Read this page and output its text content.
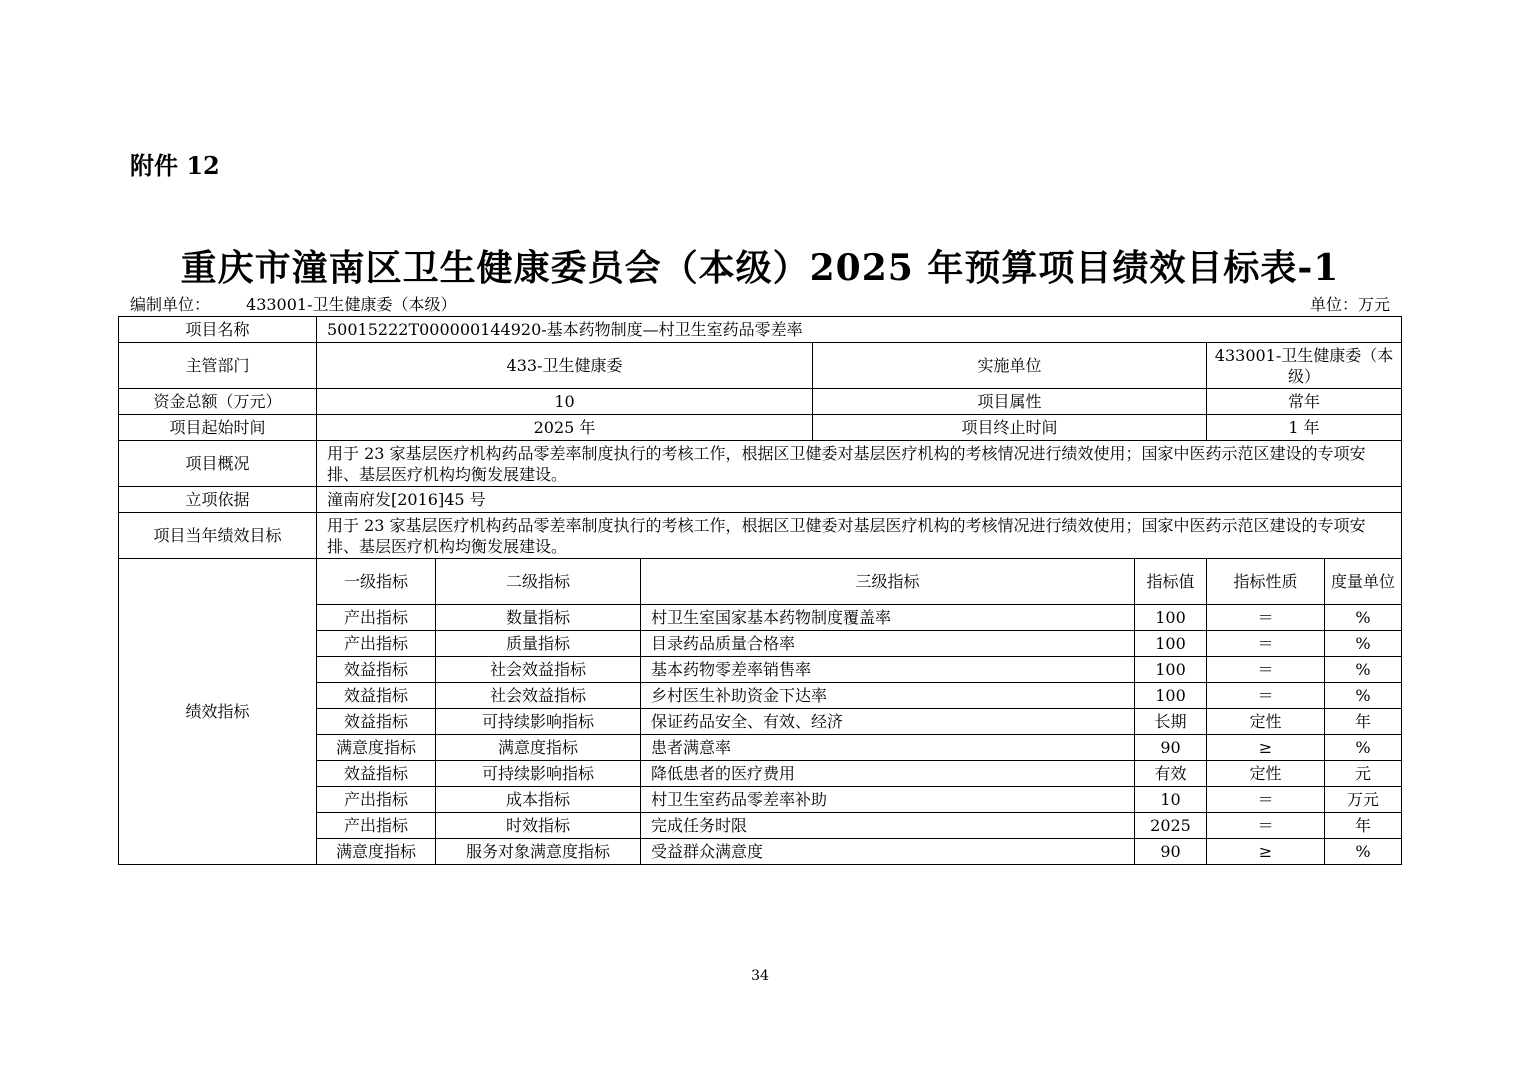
附件 12
重庆市潼南区卫生健康委员会（本级）2025 年预算项目绩效目标表-1
编制单位： 433001-卫生健康委（本级）	单位：万元
项目名称	50015222T000000144920-基本药物制度—村卫生室药品零差率						
主管部门	433-卫生健康委			实施单位		433001-卫生健康委（本级）	
资金总额（万元）	10			项目属性		常年	
项目起始时间	2025 年			项目终止时间		1 年	
项目概况	用于 23 家基层医疗机构药品零差率制度执行的考核工作，根据区卫健委对基层医疗机构的考核情况进行绩效使用；国家中医药示范区建设的专项安排、基层医疗机构均衡发展建设。						
立项依据	潼南府发[2016]45 号						
项目当年绩效目标	用于 23 家基层医疗机构药品零差率制度执行的考核工作，根据区卫健委对基层医疗机构的考核情况进行绩效使用；国家中医药示范区建设的专项安排、基层医疗机构均衡发展建设。						
绩效指标	一级指标	二级指标	三级指标		指标值	指标性质	度量单位
	产出指标	数量指标	村卫生室国家基本药物制度覆盖率		100	＝	%
	产出指标	质量指标	目录药品质量合格率		100	＝	%
	效益指标	社会效益指标	基本药物零差率销售率		100	＝	%
	效益指标	社会效益指标	乡村医生补助资金下达率		100	＝	%
	效益指标	可持续影响指标	保证药品安全、有效、经济		长期	定性	年
	满意度指标	满意度指标	患者满意率		90	≥	%
	效益指标	可持续影响指标	降低患者的医疗费用		有效	定性	元
	产出指标	成本指标	村卫生室药品零差率补助		10	＝	万元
	产出指标	时效指标	完成任务时限		2025	＝	年
	满意度指标	服务对象满意度指标	受益群众满意度		90	≥	%
34
